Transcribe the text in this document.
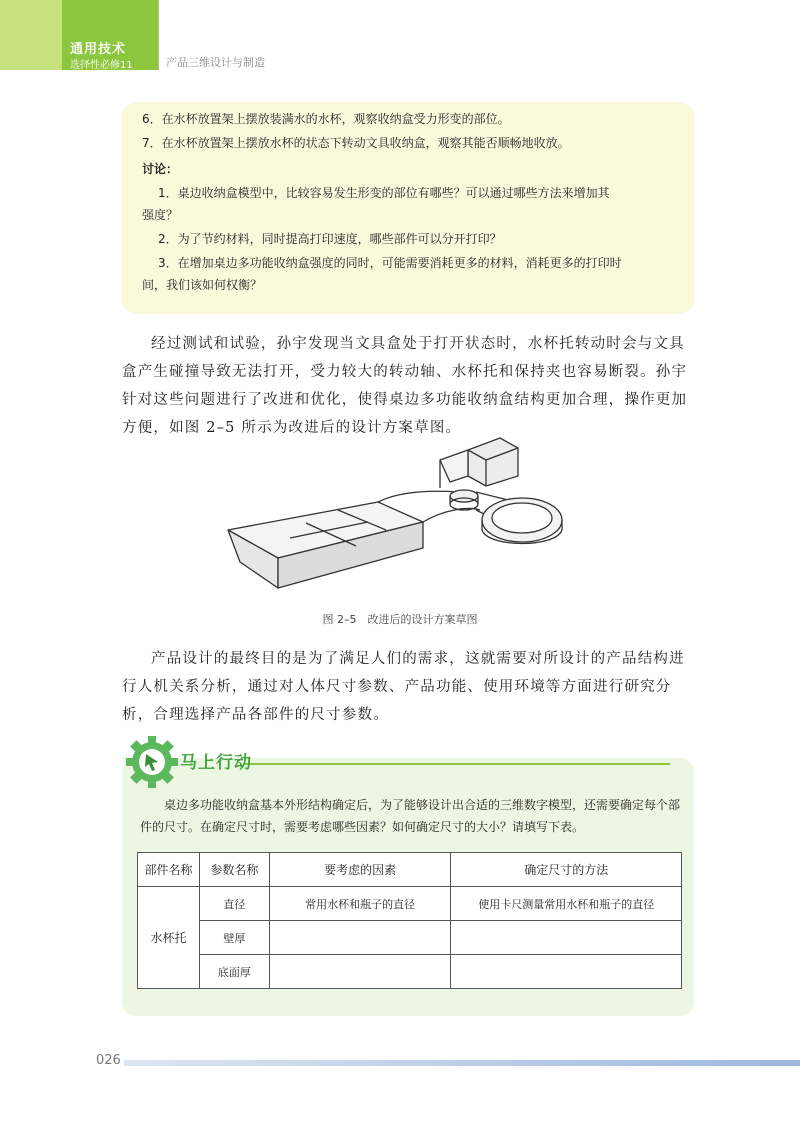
通用技术
选择性必修11	产品三维设计与制造

6．在水杯放置架上摆放装满水的水杯，观察收纳盒受力形变的部位。

7．在水杯放置架上摆放水杯的状态下转动文具收纳盒，观察其能否顺畅地收放。

讨论：

1．桌边收纳盒模型中，比较容易发生形变的部位有哪些？可以通过哪些方法来增加其

强度？

2．为了节约材料，同时提高打印速度，哪些部件可以分开打印？

3．在增加桌边多功能收纳盒强度的同时，可能需要消耗更多的材料，消耗更多的打印时

间，我们该如何权衡？

经过测试和试验，孙宇发现当文具盒处于打开状态时，水杯托转动时会与文具盒产生碰撞导致无法打开，受力较大的转动轴、水杯托和保持夹也容易断裂。孙宇针对这些问题进行了改进和优化，使得桌边多功能收纳盒结构更加合理，操作更加方便，如图 2–5 所示为改进后的设计方案草图。
图 2–5　改进后的设计方案草图
产品设计的最终目的是为了满足人们的需求，这就需要对所设计的产品结构进行人机关系分析，通过对人体尺寸参数、产品功能、使用环境等方面进行研究分析，合理选择产品各部件的尺寸参数。
马上行动
桌边多功能收纳盒基本外形结构确定后，为了能够设计出合适的三维数字模型，还需要确定每个部件的尺寸。在确定尺寸时，需要考虑哪些因素？如何确定尺寸的大小？请填写下表。
部件名称	参数名称	要考虑的因素	确定尺寸的方法
水杯托	直径	常用水杯和瓶子的直径	使用卡尺测量常用水杯和瓶子的直径
	壁厚		
	底面厚		
026
